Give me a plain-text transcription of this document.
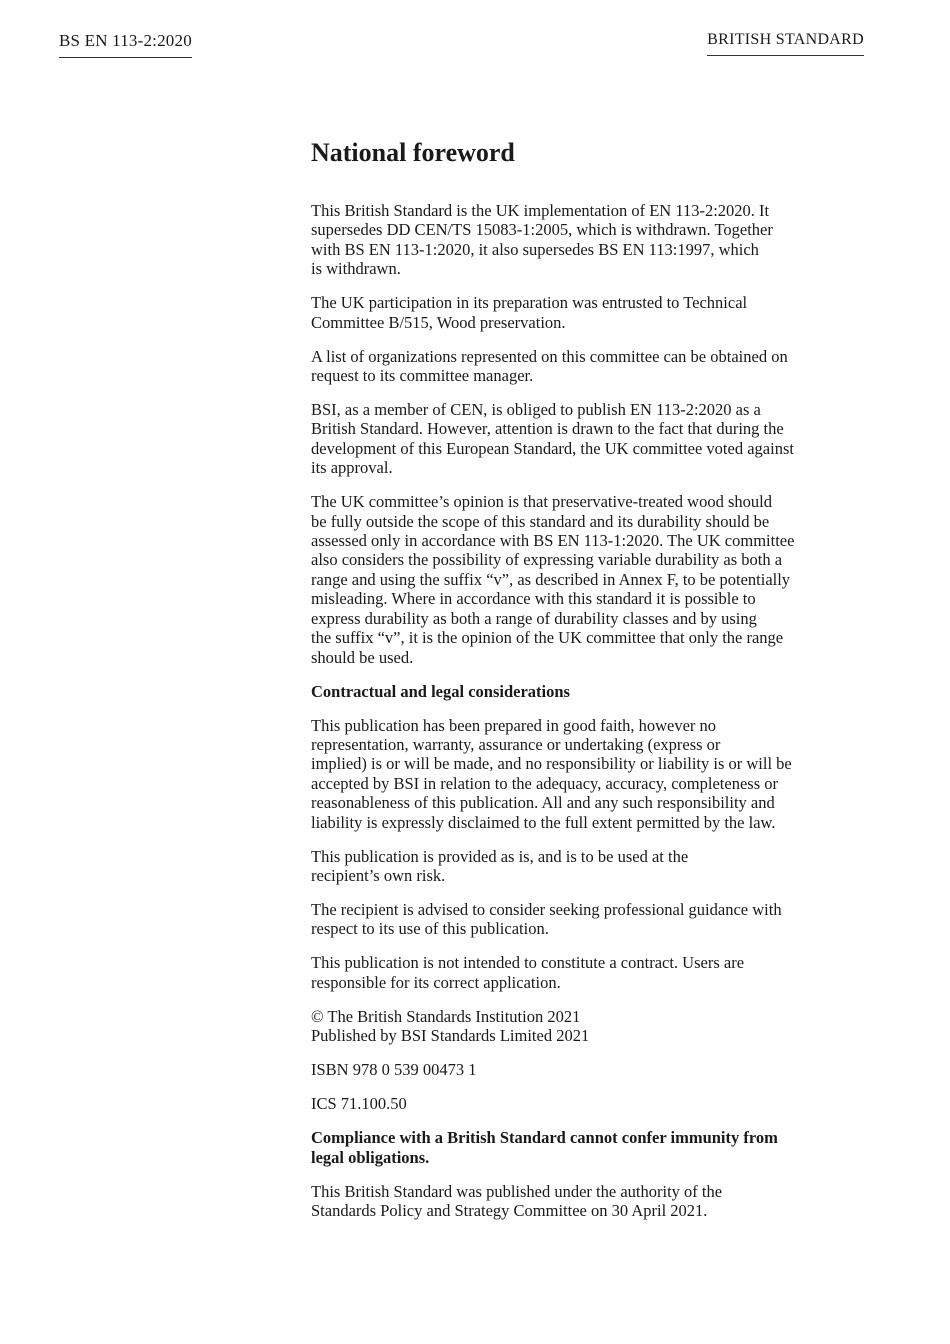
BS EN 113-2:2020	BRITISH STANDARD
National foreword
This British Standard is the UK implementation of EN 113-2:2020. It
supersedes DD CEN/TS 15083-1:2005, which is withdrawn. Together
with BS EN 113-1:2020, it also supersedes BS EN 113:1997, which
is withdrawn.
The UK participation in its preparation was entrusted to Technical
Committee B/515, Wood preservation.
A list of organizations represented on this committee can be obtained on
request to its committee manager.
BSI, as a member of CEN, is obliged to publish EN 113-2:2020 as a
British Standard. However, attention is drawn to the fact that during the
development of this European Standard, the UK committee voted against
its approval.
The UK committee’s opinion is that preservative-treated wood should
be fully outside the scope of this standard and its durability should be
assessed only in accordance with BS EN 113-1:2020. The UK committee
also considers the possibility of expressing variable durability as both a
range and using the suffix “v”, as described in Annex F, to be potentially
misleading. Where in accordance with this standard it is possible to
express durability as both a range of durability classes and by using
the suffix “v”, it is the opinion of the UK committee that only the range
should be used.
Contractual and legal considerations
This publication has been prepared in good faith, however no
representation, warranty, assurance or undertaking (express or
implied) is or will be made, and no responsibility or liability is or will be
accepted by BSI in relation to the adequacy, accuracy, completeness or
reasonableness of this publication. All and any such responsibility and
liability is expressly disclaimed to the full extent permitted by the law.
This publication is provided as is, and is to be used at the
recipient’s own risk.
The recipient is advised to consider seeking professional guidance with
respect to its use of this publication.
This publication is not intended to constitute a contract. Users are
responsible for its correct application.
© The British Standards Institution 2021
Published by BSI Standards Limited 2021
ISBN 978 0 539 00473 1
ICS 71.100.50
Compliance with a British Standard cannot confer immunity from
legal obligations.
This British Standard was published under the authority of the
Standards Policy and Strategy Committee on 30 April 2021.
